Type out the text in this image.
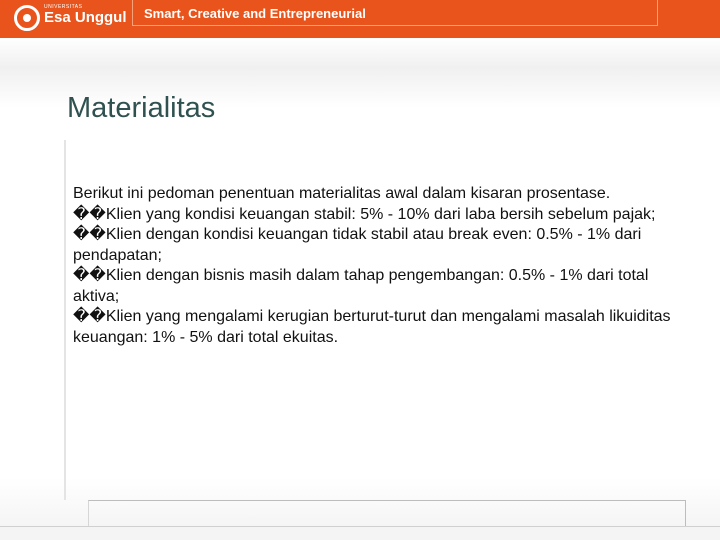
UNIVERSITAS
Esa Unggul Smart, Creative and Entrepreneurial
Materialitas

Berikut ini pedoman penentuan materialitas awal dalam kisaran prosentase.

��Klien yang kondisi keuangan stabil: 5% - 10% dari laba bersih sebelum pajak;

��Klien dengan kondisi keuangan tidak stabil atau break even: 0.5% - 1% dari pendapatan;

��Klien dengan bisnis masih dalam tahap pengembangan: 0.5% - 1% dari total aktiva;

��Klien yang mengalami kerugian berturut-turut dan mengalami masalah likuiditas keuangan: 1% - 5% dari total ekuitas.
